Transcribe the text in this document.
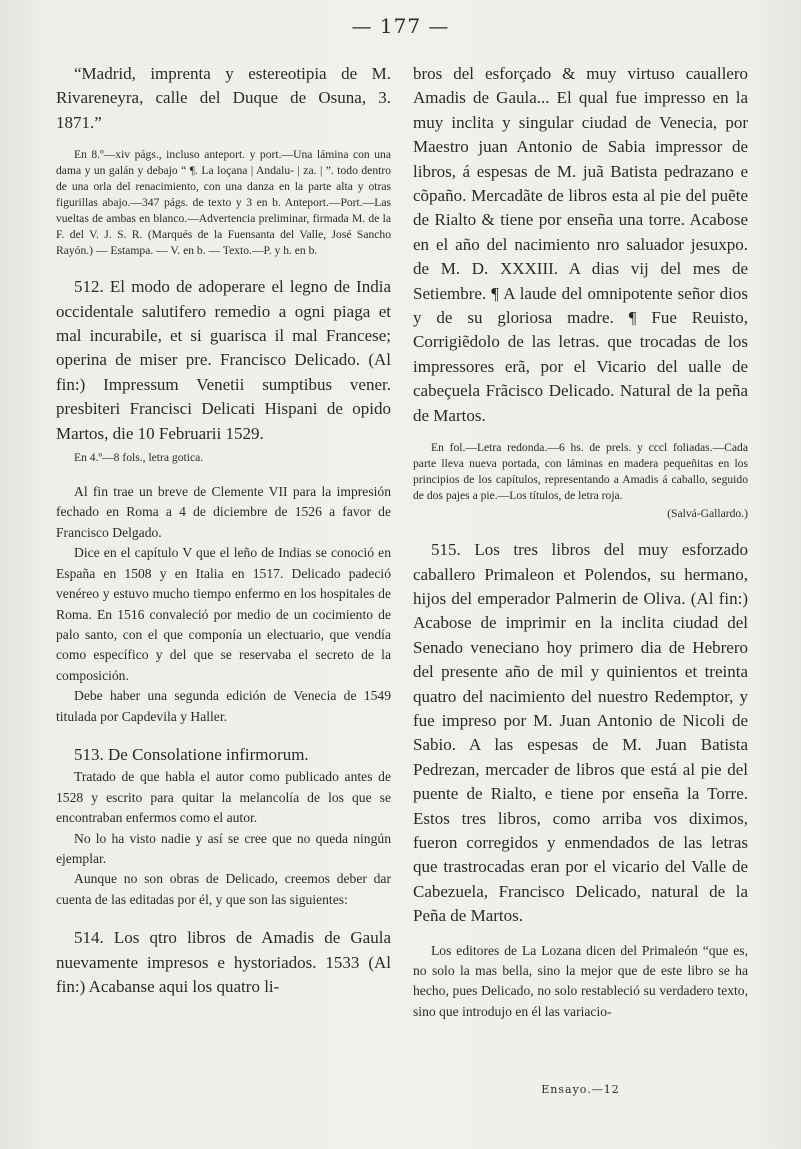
— 177 —

“Madrid, imprenta y estereotipia de M. Rivareneyra, calle del Duque de Osuna, 3. 1871.”

En 8.º—xiv págs., incluso anteport. y port.—Una lámina con una dama y un galán y debajo “ ¶. La loçana | Andalu- | za. | ”. todo dentro de una orla del renacimiento, con una danza en la parte alta y otras figurillas abajo.—347 págs. de texto y 3 en b. Anteport.—Port.—Las vueltas de ambas en blanco.—Advertencia preliminar, firmada M. de la F. del V. J. S. R. (Marqués de la Fuensanta del Valle, José Sancho Rayón.) — Estampa. — V. en b. — Texto.—P. y h. en b.

512. El modo de adoperare el legno de India occidentale salutifero remedio a ogni piaga et mal incurabile, et si guarisca il mal Francese; operina de miser pre. Francisco Delicado. (Al fin:) Impressum Venetii sumptibus vener. presbiteri Francisci Delicati Hispani de opido Martos, die 10 Februarii 1529.

En 4.º—8 fols., letra gotica.

Al fin trae un breve de Clemente VII para la impresión fechado en Roma a 4 de diciembre de 1526 a favor de Francisco Delgado.

Dice en el capítulo V que el leño de Indias se conoció en España en 1508 y en Italia en 1517. Delicado padeció venéreo y estuvo mucho tiempo enfermo en los hospitales de Roma. En 1516 convaleció por medio de un cocimiento de palo santo, con el que componía un electuario, que vendía como específico y del que se reservaba el secreto de la composición.

Debe haber una segunda edición de Venecia de 1549 titulada por Capdevila y Haller.

513. De Consolatione infirmorum.

Tratado de que habla el autor como publicado antes de 1528 y escrito para quitar la melancolía de los que se encontraban enfermos como el autor.

No lo ha visto nadie y así se cree que no queda ningún ejemplar.

Aunque no son obras de Delicado, creemos deber dar cuenta de las editadas por él, y que son las siguientes:

514. Los qtro libros de Amadis de Gaula nuevamente impresos e hystoriados. 1533 (Al fin:) Acabanse aqui los quatro li-

bros del esforçado & muy virtuso cauallero Amadis de Gaula... El qual fue impresso en la muy inclita y singular ciudad de Venecia, por Maestro juan Antonio de Sabia impressor de libros, á espesas de M. juã Batista pedrazano e cõpaño. Mercadãte de libros esta al pie del puẽte de Rialto & tiene por enseña una torre. Acabose en el año del nacimiento nro saluador jesuxpo. de M. D. XXXIII. A dias vij del mes de Setiembre. ¶ A laude del omnipotente señor dios y de su gloriosa madre. ¶ Fue Reuisto, Corrigiẽdolo de las letras. que trocadas de los impressores erã, por el Vicario del ualle de cabeçuela Frãcisco Delicado. Natural de la peña de Martos.

En fol.—Letra redonda.—6 hs. de prels. y cccl foliadas.—Cada parte lleva nueva portada, con láminas en madera pequeñitas en los principios de los capítulos, representando a Amadis á caballo, seguido de dos pajes a pie.—Los títulos, de letra roja.

(Salvá-Gallardo.)

515. Los tres libros del muy esforzado caballero Primaleon et Polendos, su hermano, hijos del emperador Palmerin de Oliva. (Al fin:) Acabose de imprimir en la inclita ciudad del Senado veneciano hoy primero dia de Hebrero del presente año de mil y quinientos et treinta quatro del nacimiento del nuestro Redemptor, y fue impreso por M. Juan Antonio de Nicoli de Sabio. A las espesas de M. Juan Batista Pedrezan, mercader de libros que está al pie del puente de Rialto, e tiene por enseña la Torre. Estos tres libros, como arriba vos diximos, fueron corregidos y enmendados de las letras que trastrocadas eran por el vicario del Valle de Cabezuela, Francisco Delicado, natural de la Peña de Martos.

Los editores de La Lozana dicen del Primaleón “que es, no solo la mas bella, sino la mejor que de este libro se ha hecho, pues Delicado, no solo restableció su verdadero texto, sino que introdujo en él las variacio-

Ensayo.—12
